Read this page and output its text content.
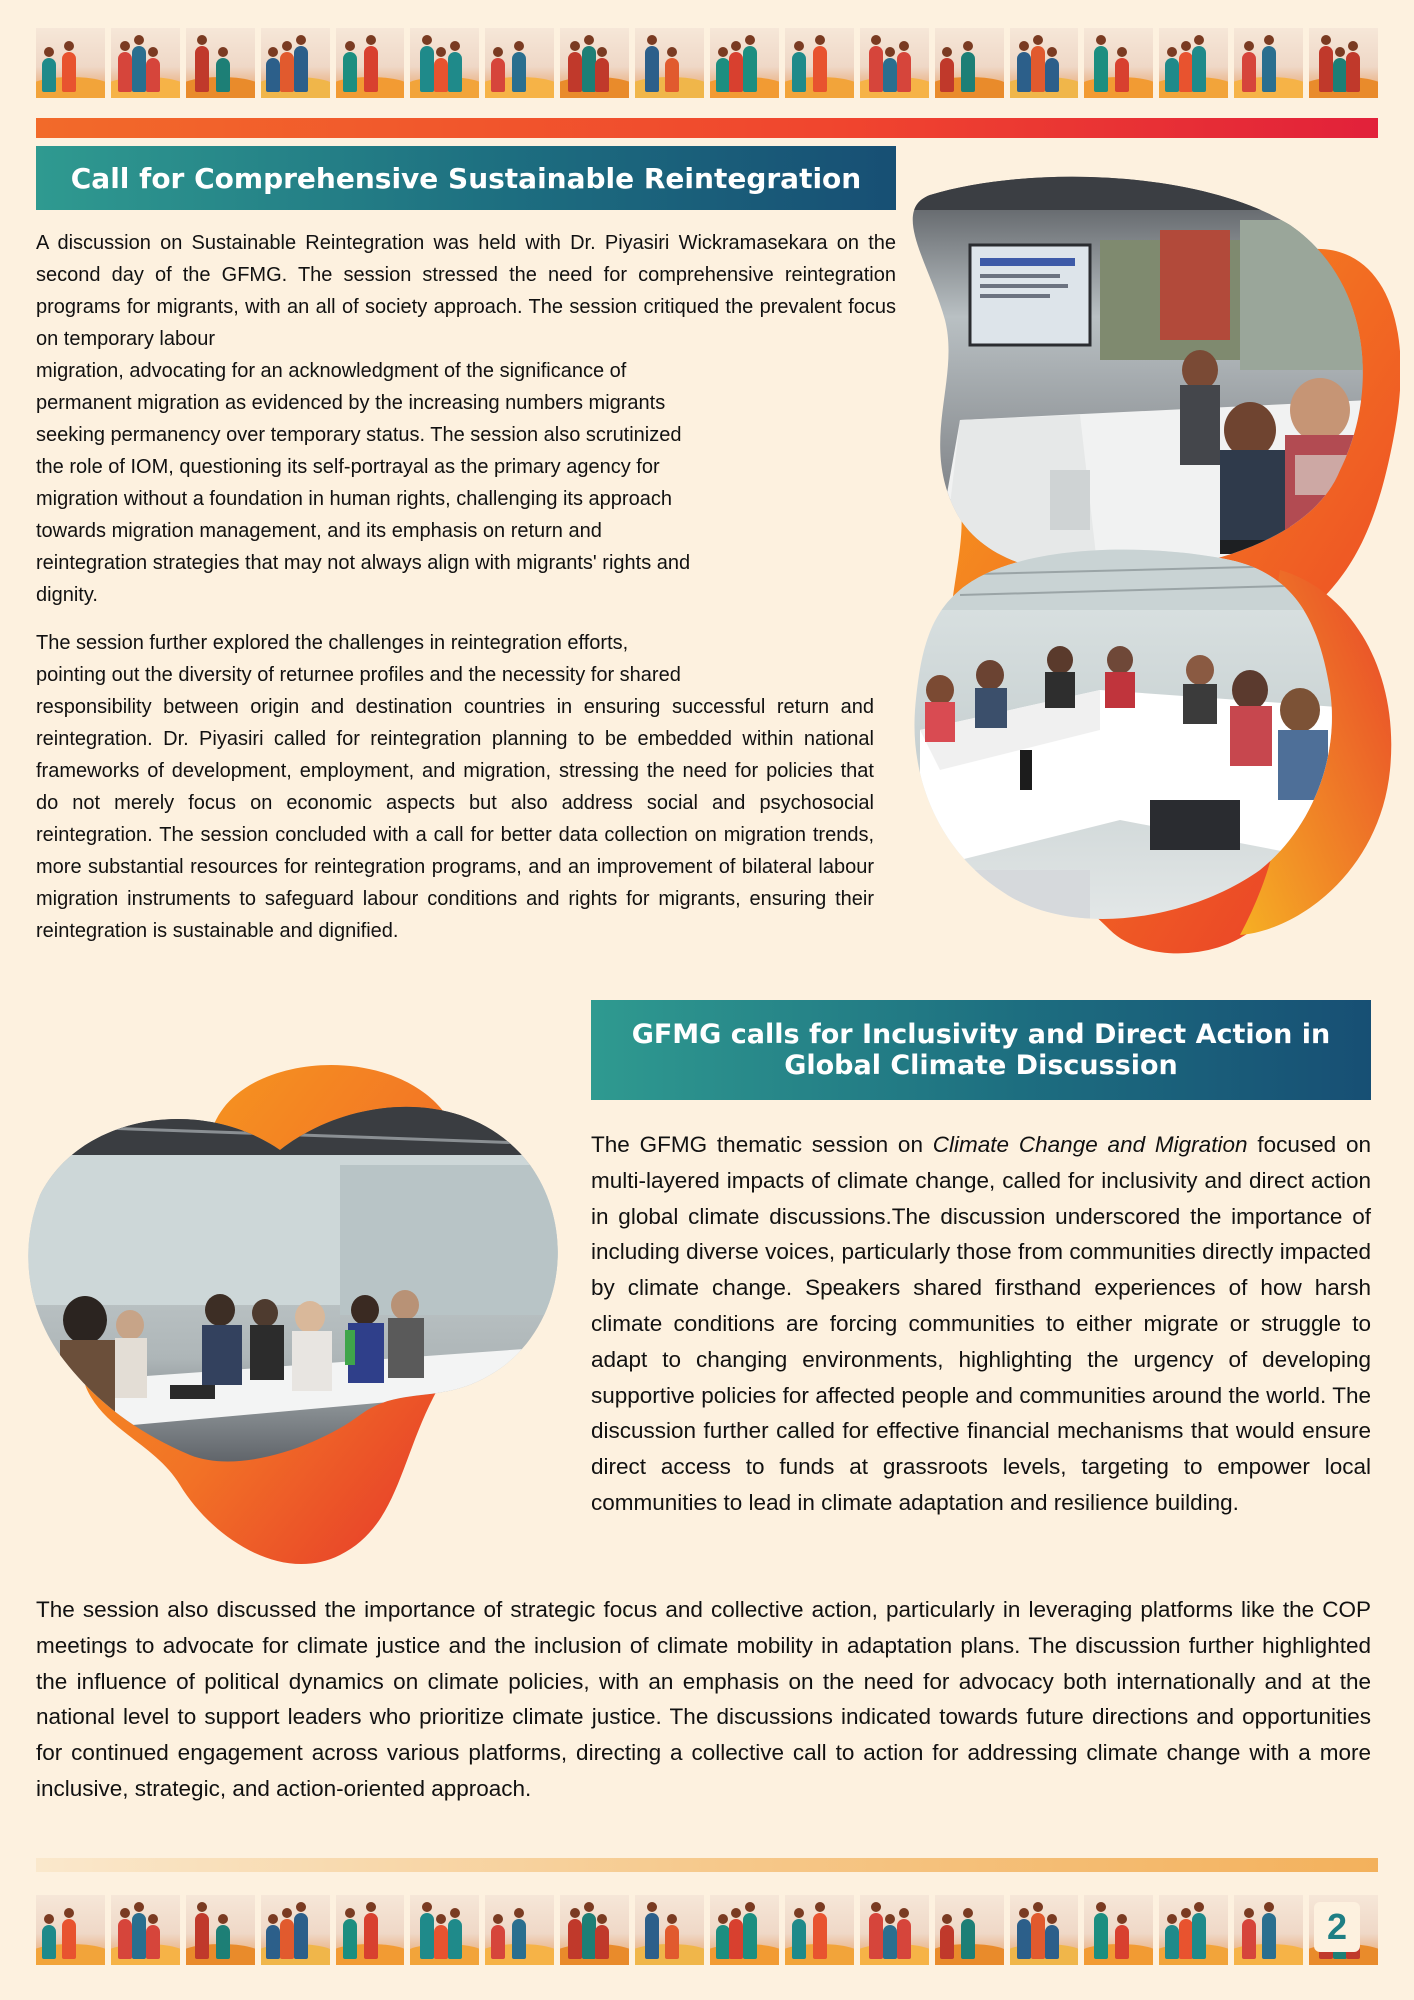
Call for Comprehensive Sustainable Reintegration

A discussion on Sustainable Reintegration was held with Dr. Piyasiri Wickramasekara on the second day of the GFMG. The session stressed the need for comprehensive reintegration programs for migrants, with an all of society approach. The session critiqued the prevalent focus on temporary labour

migration, advocating for an acknowledgment of the significance of
permanent migration as evidenced by the increasing numbers migrants
seeking permanency over temporary status. The session also scrutinized
the role of IOM, questioning its self-portrayal as the primary agency for
migration without a foundation in human rights, challenging its approach
towards migration management, and its emphasis on return and
reintegration strategies that may not always align with migrants' rights and
dignity.
The session further explored the challenges in reintegration efforts,
pointing out the diversity of returnee profiles and the necessity for shared

responsibility between origin and destination countries in ensuring successful return and reintegration. Dr. Piyasiri called for reintegration planning to be embedded within national frameworks of development, employment, and migration, stressing the need for policies that do not merely focus on economic aspects but also address social and psychosocial reintegration. The session concluded with a call for better data collection on migration trends, more substantial resources for reintegration programs, and an improvement of bilateral labour migration instruments to safeguard labour conditions and rights for migrants, ensuring their reintegration is sustainable and dignified.

GFMG calls for Inclusivity and Direct Action in Global Climate Discussion

The GFMG thematic session on Climate Change and Migration focused on multi-layered impacts of climate change, called for inclusivity and direct action in global climate discussions.The discussion underscored the importance of including diverse voices, particularly those from communities directly impacted by climate change. Speakers shared firsthand experiences of how harsh climate conditions are forcing communities to either migrate or struggle to adapt to changing environments, highlighting the urgency of developing supportive policies for affected people and communities around the world. The discussion further called for effective financial mechanisms that would ensure direct access to funds at grassroots levels, targeting to empower local communities to lead in climate adaptation and resilience building.

The session also discussed the importance of strategic focus and collective action, particularly in leveraging platforms like the COP meetings to advocate for climate justice and the inclusion of climate mobility in adaptation plans. The discussion further highlighted the influence of political dynamics on climate policies, with an emphasis on the need for advocacy both internationally and at the national level to support leaders who prioritize climate justice. The discussions indicated towards future directions and opportunities for continued engagement across various platforms, directing a collective call to action for addressing climate change with a more inclusive, strategic, and action-oriented approach.

2
